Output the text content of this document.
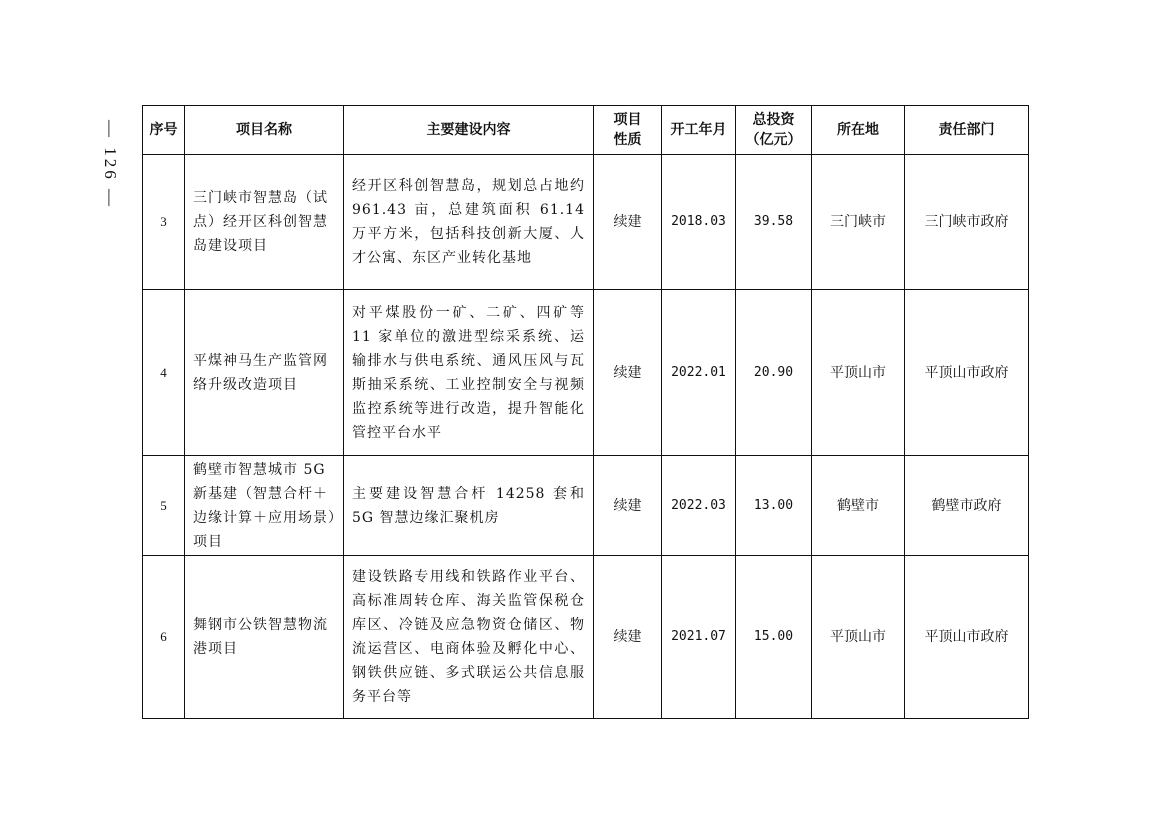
— 126 — 序号	项目名称	主要建设内容	项目性质	开工年月	总投资（亿元）	所在地	责任部门
3	三门峡市智慧岛（试点）经开区科创智慧岛建设项目	经开区科创智慧岛，规划总占地约 961.43 亩，总建筑面积 61.14 万平方米，包括科技创新大厦、人才公寓、东区产业转化基地	续建	2018.03	39.58	三门峡市	三门峡市政府
4	平煤神马生产监管网络升级改造项目	对平煤股份一矿、二矿、四矿等 11 家单位的激进型综采系统、运输排水与供电系统、通风压风与瓦斯抽采系统、工业控制安全与视频监控系统等进行改造，提升智能化管控平台水平	续建	2022.01	20.90	平顶山市	平顶山市政府
5	鹤壁市智慧城市 5G 新基建（智慧合杆＋边缘计算＋应用场景）项目	主要建设智慧合杆 14258 套和 5G 智慧边缘汇聚机房	续建	2022.03	13.00	鹤壁市	鹤壁市政府
6	舞钢市公铁智慧物流港项目	建设铁路专用线和铁路作业平台、高标准周转仓库、海关监管保税仓库区、冷链及应急物资仓储区、物流运营区、电商体验及孵化中心、钢铁供应链、多式联运公共信息服务平台等	续建	2021.07	15.00	平顶山市	平顶山市政府
